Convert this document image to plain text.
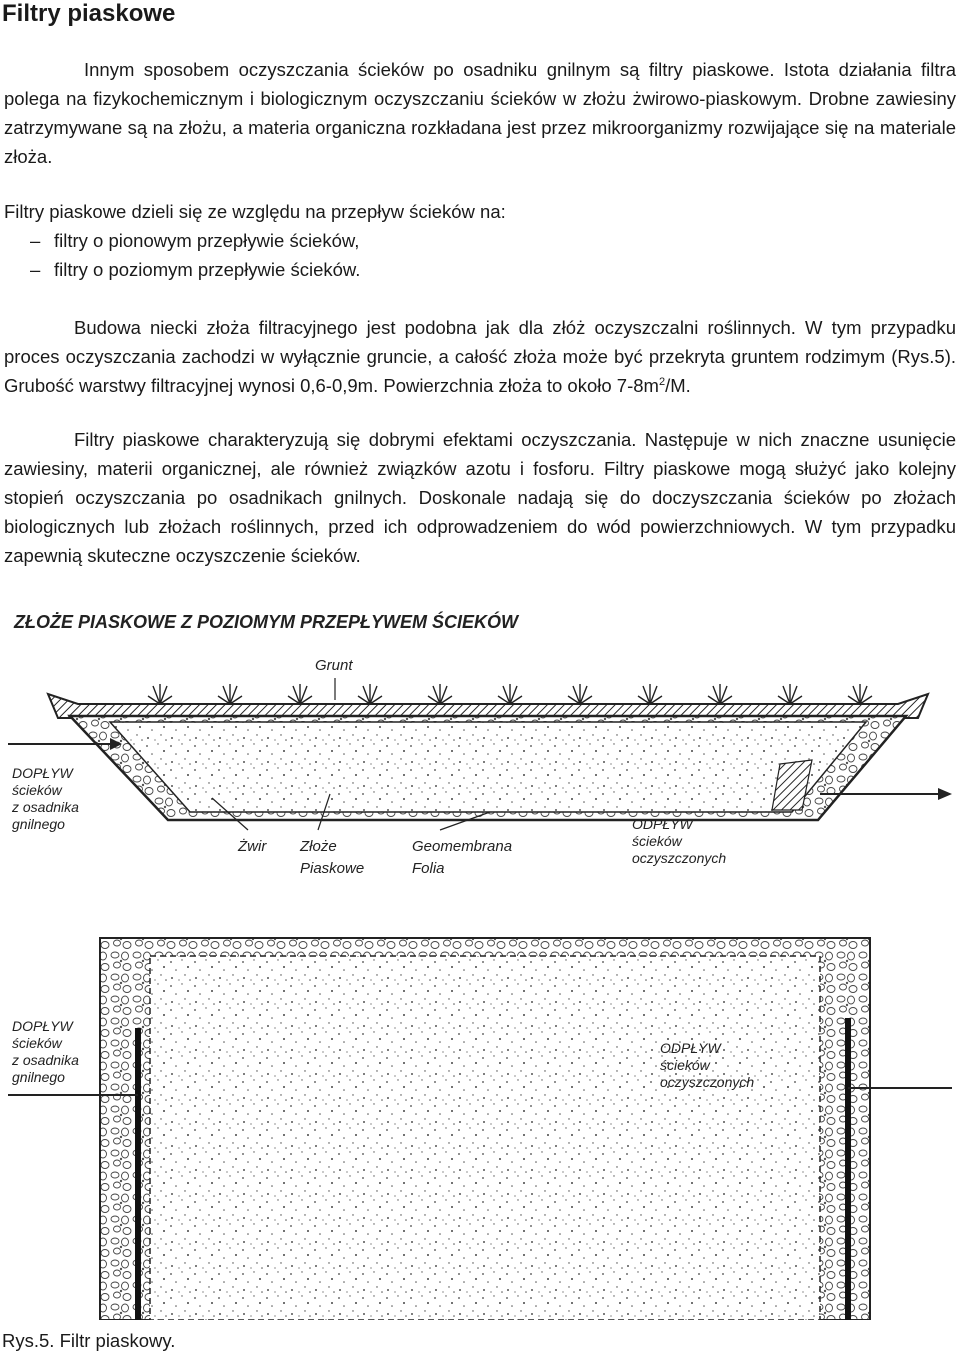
Filtry piaskowe
Innym sposobem oczyszczania ścieków po osadniku gnilnym są filtry piaskowe. Istota działania filtra polega na fizykochemicznym i biologicznym oczyszczaniu ścieków w złożu żwirowo-piaskowym. Drobne zawiesiny zatrzymywane są na złożu, a materia organiczna rozkładana jest przez mikroorganizmy rozwijające się na materiale złoża.
Filtry piaskowe dzieli się ze względu na przepływ ścieków na:
– filtry o pionowym przepływie ścieków,
– filtry o poziomym przepływie ścieków.
Budowa niecki złoża filtracyjnego jest podobna jak dla złóż oczyszczalni roślinnych. W tym przypadku proces oczyszczania zachodzi w wyłącznie gruncie, a całość złoża może być przekryta gruntem rodzimym (Rys.5). Grubość warstwy filtracyjnej wynosi 0,6-0,9m. Powierzchnia złoża to około $7-8m^2/M$.
Filtry piaskowe charakteryzują się dobrymi efektami oczyszczania. Następuje w nich znaczne usunięcie zawiesiny, materii organicznej, ale również związków azotu i fosforu. Filtry piaskowe mogą służyć jako kolejny stopień oczyszczania po osadnikach gnilnych. Doskonale nadają się do doczyszczania ścieków po złożach biologicznych lub złożach roślinnych, przed ich odprowadzeniem do wód powierzchniowych. W tym przypadku zapewnią skuteczne oczyszczenie ścieków.
ZŁOŻE PIASKOWE Z POZIOMYM PRZEPŁYWEM ŚCIEKÓW
Grunt
Żwir Złoże
Piaskowe
Geomembrana
Folia
DOPŁYW
ścieków
z osadnika
gnilnego	ODPŁYW
ścieków
oczyszczonych
DOPŁYW
ścieków
z osadnika
gnilnego
ODPŁYW
ścieków
oczyszczonych
Rys.5. Filtr piaskowy.
